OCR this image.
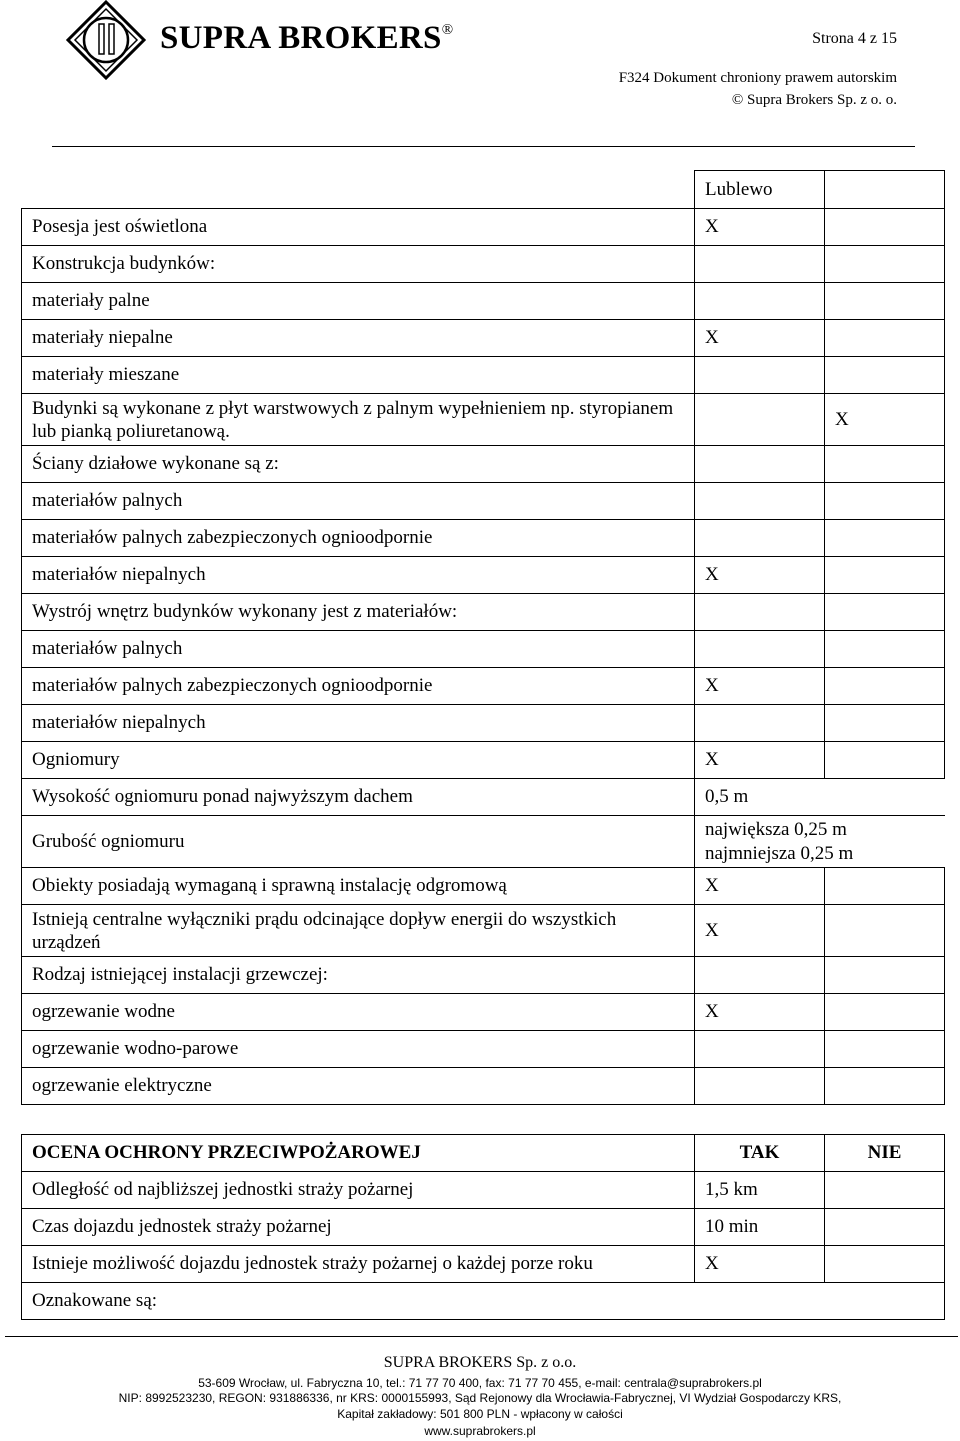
SUPRA BROKERS®	Strona 4 z 15
F324 Dokument chroniony prawem autorskim
© Supra Brokers Sp. z o. o.
	Lublewo	
Posesja jest oświetlona	X	
Konstrukcja budynków:		
materiały palne		
materiały niepalne	X	
materiały mieszane		
Budynki są wykonane z płyt warstwowych z palnym wypełnieniem np. styropianem lub pianką poliuretanową.		X
Ściany działowe wykonane są z:		
materiałów palnych		
materiałów palnych zabezpieczonych ognioodpornie		
materiałów niepalnych	X	
Wystrój wnętrz budynków wykonany jest z materiałów:		
materiałów palnych		
materiałów palnych zabezpieczonych ognioodpornie	X	
materiałów niepalnych		
Ogniomury	X	
Wysokość ogniomuru ponad najwyższym dachem	0,5 m	
Grubość ogniomuru	największa 0,25 m
najmniejsza 0,25 m	

Obiekty posiadają wymaganą i sprawną instalację odgromową	X	
Istnieją centralne wyłączniki prądu odcinające dopływ energii do wszystkich urządzeń	X	
Rodzaj istniejącej instalacji grzewczej:		
ogrzewanie wodne	X	
ogrzewanie wodno-parowe		
ogrzewanie elektryczne		
OCENA OCHRONY PRZECIWPOŻAROWEJ	TAK	NIE
Odległość od najbliższej jednostki straży pożarnej	1,5 km	
Czas dojazdu jednostek straży pożarnej	10 min	
Istnieje możliwość dojazdu jednostek straży pożarnej o każdej porze roku	X	
Oznakowane są:		
SUPRA BROKERS Sp. z o.o.
53-609 Wrocław, ul. Fabryczna 10, tel.: 71 77 70 400, fax: 71 77 70 455, e-mail: centrala@suprabrokers.pl
NIP: 8992523230, REGON: 931886336, nr KRS: 0000155993, Sąd Rejonowy dla Wrocławia-Fabrycznej, VI Wydział Gospodarczy KRS,
Kapitał zakładowy: 501 800 PLN - wpłacony w całości
www.suprabrokers.pl
